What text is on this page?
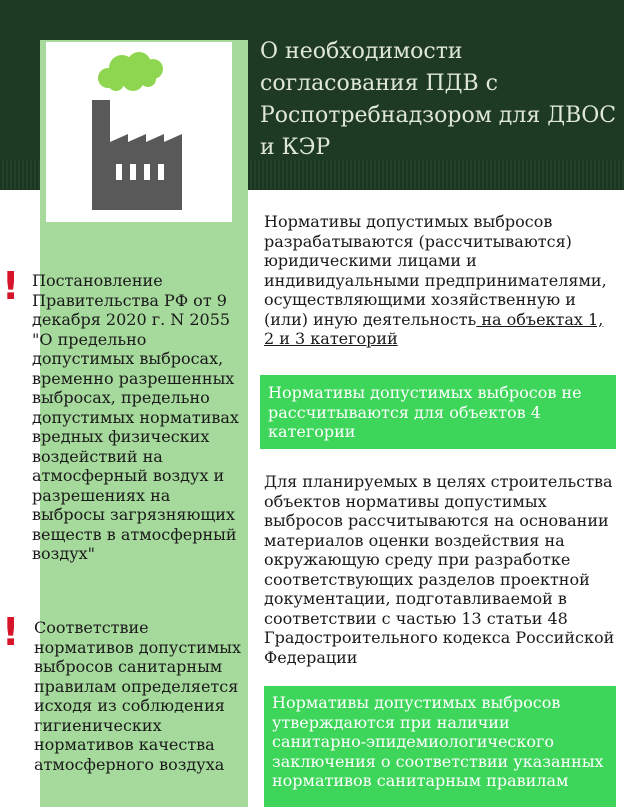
О необходимости согласования ПДВ с Роспотребнадзором для ДВОС и КЭР
! Постановление Правительства РФ от 9 декабря 2020 г. N 2055 "О предельно допустимых выбросах, временно разрешенных выбросах, предельно допустимых нормативах вредных физических воздействий на атмосферный воздух и разрешениях на выбросы загрязняющих веществ в атмосферный воздух"
! Соответствие нормативов допустимых выбросов санитарным правилам определяется исходя из соблюдения гигиенических нормативов качества атмосферного воздуха
Нормативы допустимых выбросов разрабатываются (рассчитываются) юридическими лицами и индивидуальными предпринимателями, осуществляющими хозяйственную и (или) иную деятельность на объектах 1, 2 и 3 категорий
Нормативы допустимых выбросов не рассчитываются для объектов 4 категории
Для планируемых в целях строительства объектов нормативы допустимых выбросов рассчитываются на основании материалов оценки воздействия на окружающую среду при разработке соответствующих разделов проектной документации, подготавливаемой в соответствии с частью 13 статьи 48 Градостроительного кодекса Российской Федерации
Нормативы допустимых выбросов утверждаются при наличии санитарно-эпидемиологического заключения о соответствии указанных нормативов санитарным правилам
